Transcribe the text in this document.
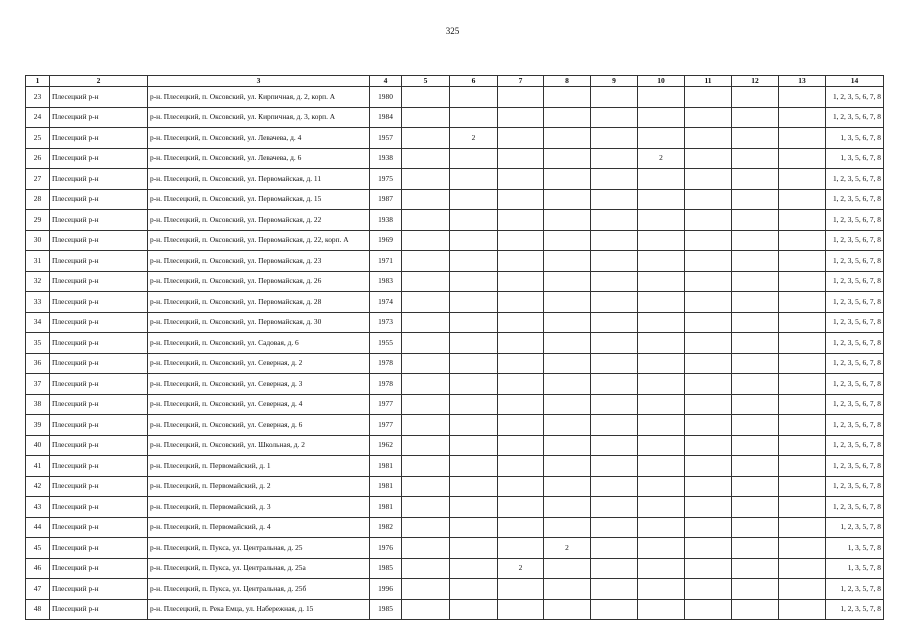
325
1	2	3	4	5	6	7	8	9	10	11	12	13	14
23	Плесецкий р-н	р-н. Плесецкий, п. Оксовский, ул. Кирпичная, д. 2, корп. А	1980										1, 2, 3, 5, 6, 7, 8
24	Плесецкий р-н	р-н. Плесецкий, п. Оксовский, ул. Кирпичная, д. 3, корп. А	1984										1, 2, 3, 5, 6, 7, 8
25	Плесецкий р-н	р-н. Плесецкий, п. Оксовский, ул. Левачева, д. 4	1957		2								1, 3, 5, 6, 7, 8
26	Плесецкий р-н	р-н. Плесецкий, п. Оксовский, ул. Левачева, д. 6	1938						2				1, 3, 5, 6, 7, 8
27	Плесецкий р-н	р-н. Плесецкий, п. Оксовский, ул. Первомайская, д. 11	1975										1, 2, 3, 5, 6, 7, 8
28	Плесецкий р-н	р-н. Плесецкий, п. Оксовский, ул. Первомайская, д. 15	1987										1, 2, 3, 5, 6, 7, 8
29	Плесецкий р-н	р-н. Плесецкий, п. Оксовский, ул. Первомайская, д. 22	1938										1, 2, 3, 5, 6, 7, 8
30	Плесецкий р-н	р-н. Плесецкий, п. Оксовский, ул. Первомайская, д. 22, корп. А	1969										1, 2, 3, 5, 6, 7, 8
31	Плесецкий р-н	р-н. Плесецкий, п. Оксовский, ул. Первомайская, д. 23	1971										1, 2, 3, 5, 6, 7, 8
32	Плесецкий р-н	р-н. Плесецкий, п. Оксовский, ул. Первомайская, д. 26	1983										1, 2, 3, 5, 6, 7, 8
33	Плесецкий р-н	р-н. Плесецкий, п. Оксовский, ул. Первомайская, д. 28	1974										1, 2, 3, 5, 6, 7, 8
34	Плесецкий р-н	р-н. Плесецкий, п. Оксовский, ул. Первомайская, д. 30	1973										1, 2, 3, 5, 6, 7, 8
35	Плесецкий р-н	р-н. Плесецкий, п. Оксовский, ул. Садовая, д. 6	1955										1, 2, 3, 5, 6, 7, 8
36	Плесецкий р-н	р-н. Плесецкий, п. Оксовский, ул. Северная, д. 2	1978										1, 2, 3, 5, 6, 7, 8
37	Плесецкий р-н	р-н. Плесецкий, п. Оксовский, ул. Северная, д. 3	1978										1, 2, 3, 5, 6, 7, 8
38	Плесецкий р-н	р-н. Плесецкий, п. Оксовский, ул. Северная, д. 4	1977										1, 2, 3, 5, 6, 7, 8
39	Плесецкий р-н	р-н. Плесецкий, п. Оксовский, ул. Северная, д. 6	1977										1, 2, 3, 5, 6, 7, 8
40	Плесецкий р-н	р-н. Плесецкий, п. Оксовский, ул. Школьная, д. 2	1962										1, 2, 3, 5, 6, 7, 8
41	Плесецкий р-н	р-н. Плесецкий, п. Первомайский, д. 1	1981										1, 2, 3, 5, 6, 7, 8
42	Плесецкий р-н	р-н. Плесецкий, п. Первомайский, д. 2	1981										1, 2, 3, 5, 6, 7, 8
43	Плесецкий р-н	р-н. Плесецкий, п. Первомайский, д. 3	1981										1, 2, 3, 5, 6, 7, 8
44	Плесецкий р-н	р-н. Плесецкий, п. Первомайский, д. 4	1982										1, 2, 3, 5, 7, 8
45	Плесецкий р-н	р-н. Плесецкий, п. Пукса, ул. Центральная, д. 25	1976				2						1, 3, 5, 7, 8
46	Плесецкий р-н	р-н. Плесецкий, п. Пукса, ул. Центральная, д. 25а	1985			2							1, 3, 5, 7, 8
47	Плесецкий р-н	р-н. Плесецкий, п. Пукса, ул. Центральная, д. 25б	1996										1, 2, 3, 5, 7, 8
48	Плесецкий р-н	р-н. Плесецкий, п. Река Емца, ул. Набережная, д. 15	1985										1, 2, 3, 5, 7, 8
